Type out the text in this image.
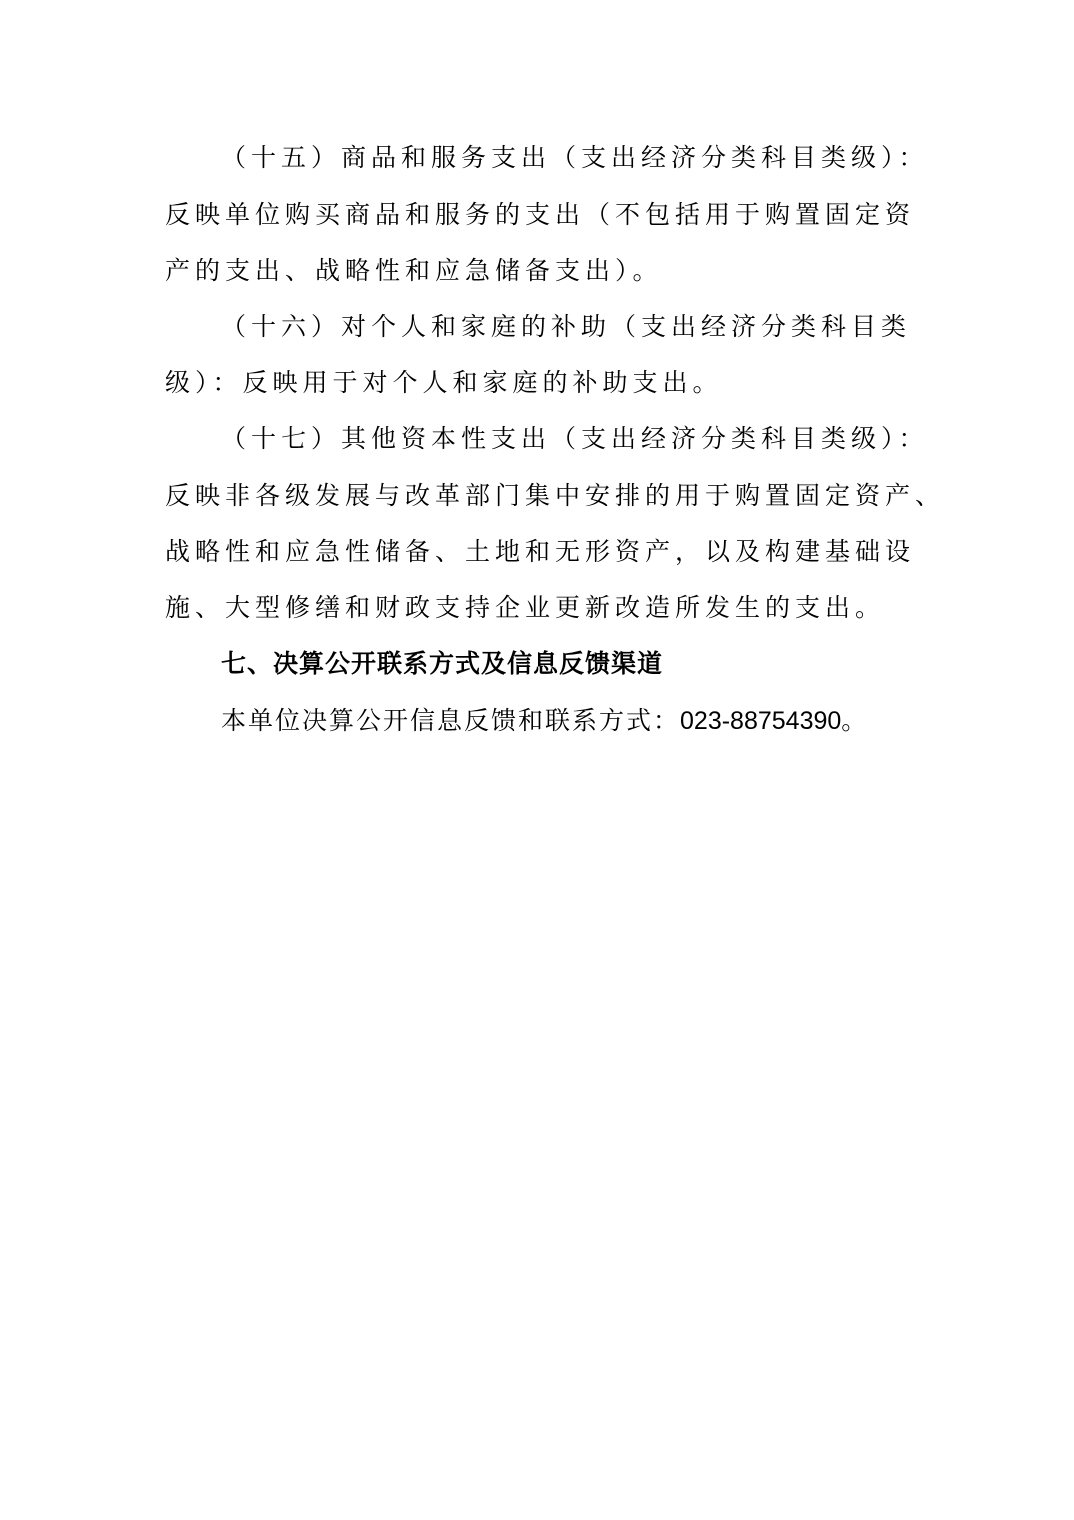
（十五）商品和服务支出（支出经济分类科目类级）：
反映单位购买商品和服务的支出（不包括用于购置固定资
产的支出、战略性和应急储备支出）。
（十六）对个人和家庭的补助（支出经济分类科目类
级）：反映用于对个人和家庭的补助支出。
（十七）其他资本性支出（支出经济分类科目类级）：
反映非各级发展与改革部门集中安排的用于购置固定资产、
战略性和应急性储备、土地和无形资产，以及构建基础设
施、大型修缮和财政支持企业更新改造所发生的支出。
七、决算公开联系方式及信息反馈渠道
本单位决算公开信息反馈和联系方式：023-88754390。
